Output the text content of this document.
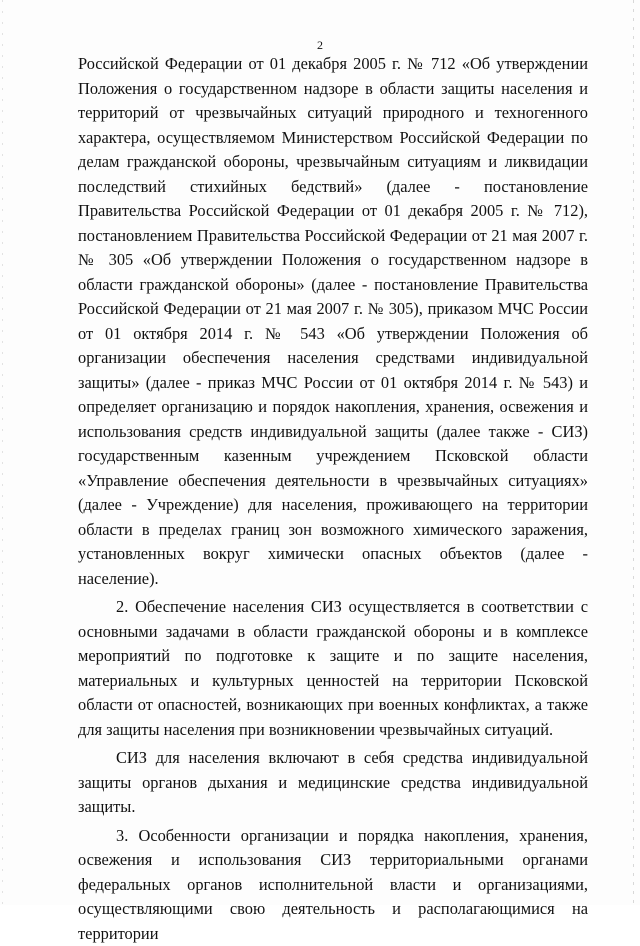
2

Российской Федерации от 01 декабря 2005 г. № 712 «Об утверждении Положения о государственном надзоре в области защиты населения и территорий от чрезвычайных ситуаций природного и техногенного характера, осуществляемом Министерством Российской Федерации по делам гражданской обороны, чрезвычайным ситуациям и ликвидации последствий стихийных бедствий» (далее - постановление Правительства Российской Федерации от 01 декабря 2005 г. № 712), постановлением Правительства Российской Федерации от 21 мая 2007 г. № 305 «Об утверждении Положения о государственном надзоре в области гражданской обороны» (далее - постановление Правительства Российской Федерации от 21 мая 2007 г. № 305), приказом МЧС России от 01 октября 2014 г. № 543 «Об утверждении Положения об организации обеспечения населения средствами индивидуальной защиты» (далее - приказ МЧС России от 01 октября 2014 г. № 543) и определяет организацию и порядок накопления, хранения, освежения и использования средств индивидуальной защиты (далее также - СИЗ) государственным казенным учреждением Псковской области «Управление обеспечения деятельности в чрезвычайных ситуациях» (далее - Учреждение) для населения, проживающего на территории области в пределах границ зон возможного химического заражения, установленных вокруг химически опасных объектов (далее - население).

2. Обеспечение населения СИЗ осуществляется в соответствии с основными задачами в области гражданской обороны и в комплексе мероприятий по подготовке к защите и по защите населения, материальных и культурных ценностей на территории Псковской области от опасностей, возникающих при военных конфликтах, а также для защиты населения при возникновении чрезвычайных ситуаций.

СИЗ для населения включают в себя средства индивидуальной защиты органов дыхания и медицинские средства индивидуальной защиты.

3. Особенности организации и порядка накопления, хранения, освежения и использования СИЗ территориальными органами федеральных органов исполнительной власти и организациями, осуществляющими свою деятельность и располагающимися на территории
